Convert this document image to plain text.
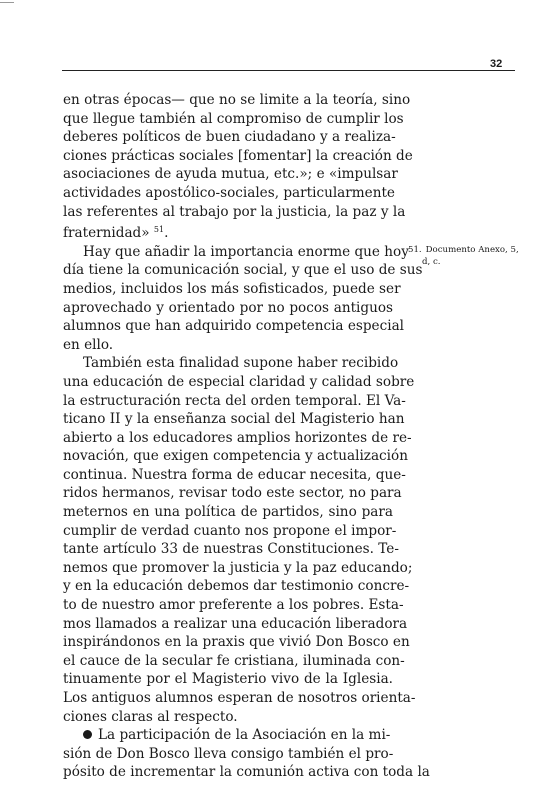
32
en otras épocas— que no se limite a la teoría, sino
que llegue también al compromiso de cumplir los
deberes políticos de buen ciudadano y a realiza-
ciones prácticas sociales [fomentar] la creación de
asociaciones de ayuda mutua, etc.»; e «impulsar
actividades apostólico-sociales, particularmente
las referentes al trabajo por la justicia, la paz y la
fraternidad» $^{51}$.
Hay que añadir la importancia enorme que hoy
día tiene la comunicación social, y que el uso de sus
medios, incluidos los más sofisticados, puede ser
aprovechado y orientado por no pocos antiguos
alumnos que han adquirido competencia especial
en ello.
También esta finalidad supone haber recibido
una educación de especial claridad y calidad sobre
la estructuración recta del orden temporal. El Va-
ticano II y la enseñanza social del Magisterio han
abierto a los educadores amplios horizontes de re-
novación, que exigen competencia y actualización
continua. Nuestra forma de educar necesita, que-
ridos hermanos, revisar todo este sector, no para
meternos en una política de partidos, sino para
cumplir de verdad cuanto nos propone el impor-
tante artículo 33 de nuestras Constituciones. Te-
nemos que promover la justicia y la paz educando;
y en la educación debemos dar testimonio concre-
to de nuestro amor preferente a los pobres. Esta-
mos llamados a realizar una educación liberadora
inspirándonos en la praxis que vivió Don Bosco en
el cauce de la secular fe cristiana, iluminada con-
tinuamente por el Magisterio vivo de la Iglesia.
Los antiguos alumnos esperan de nosotros orienta-
ciones claras al respecto.
La participación de la Asociación en la mi-
sión de Don Bosco lleva consigo también el pro-
pósito de incrementar la comunión activa con toda la
51. Documento Anexo, 5,
d, c.
